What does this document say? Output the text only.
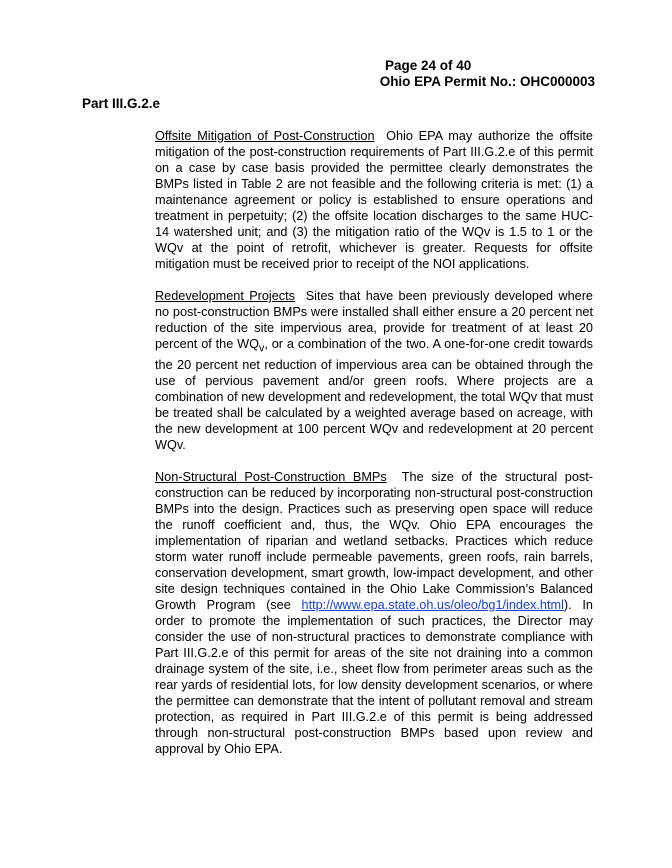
Page 24 of 40
Ohio EPA Permit No.: OHC000003
Part III.G.2.e

Offsite Mitigation of Post-Construction Ohio EPA may authorize the offsite mitigation of the post-construction requirements of Part III.G.2.e of this permit on a case by case basis provided the permittee clearly demonstrates the BMPs listed in Table 2 are not feasible and the following criteria is met: (1) a maintenance agreement or policy is established to ensure operations and treatment in perpetuity; (2) the offsite location discharges to the same HUC-14 watershed unit; and (3) the mitigation ratio of the WQv is 1.5 to 1 or the WQv at the point of retrofit, whichever is greater. Requests for offsite mitigation must be received prior to receipt of the NOI applications.

Redevelopment Projects Sites that have been previously developed where no post-construction BMPs were installed shall either ensure a 20 percent net reduction of the site impervious area, provide for treatment of at least 20 percent of the $WQ_v$, or a combination of the two. A one-for-one credit towards the 20 percent net reduction of impervious area can be obtained through the use of pervious pavement and/or green roofs. Where projects are a combination of new development and redevelopment, the total WQv that must be treated shall be calculated by a weighted average based on acreage, with the new development at 100 percent WQv and redevelopment at 20 percent WQv.

Non-Structural Post-Construction BMPs The size of the structural post-construction can be reduced by incorporating non-structural post-construction BMPs into the design. Practices such as preserving open space will reduce the runoff coefficient and, thus, the WQv. Ohio EPA encourages the implementation of riparian and wetland setbacks. Practices which reduce storm water runoff include permeable pavements, green roofs, rain barrels, conservation development, smart growth, low-impact development, and other site design techniques contained in the Ohio Lake Commission’s Balanced Growth Program (see http://www.epa.state.oh.us/oleo/bg1/index.html). In order to promote the implementation of such practices, the Director may consider the use of non-structural practices to demonstrate compliance with Part III.G.2.e of this permit for areas of the site not draining into a common drainage system of the site, i.e., sheet flow from perimeter areas such as the rear yards of residential lots, for low density development scenarios, or where the permittee can demonstrate that the intent of pollutant removal and stream protection, as required in Part III.G.2.e of this permit is being addressed through non-structural post-construction BMPs based upon review and approval by Ohio EPA.
